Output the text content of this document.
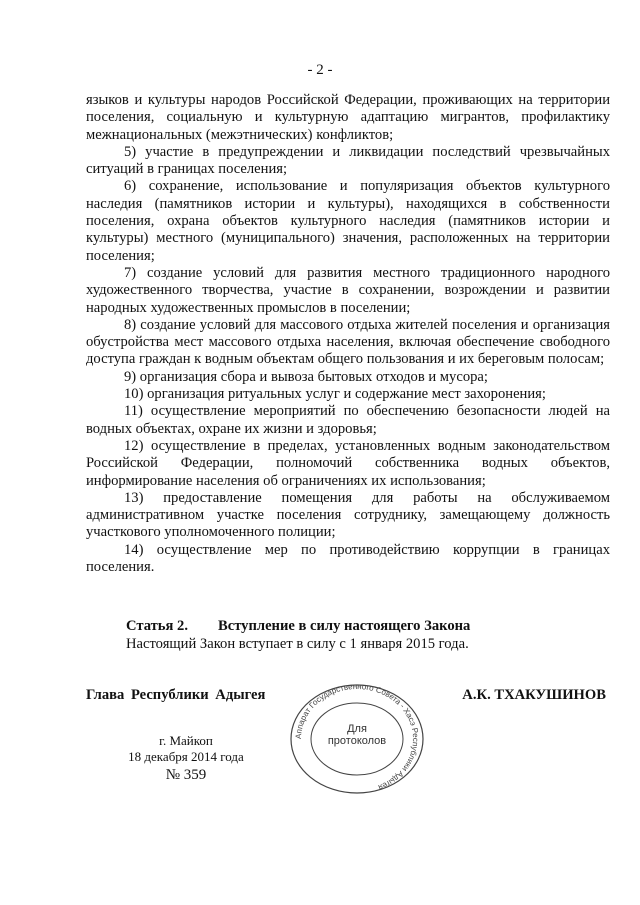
- 2 -

языков и культуры народов Российской Федерации, проживающих на территории поселения, социальную и культурную адаптацию мигрантов, профилактику межнациональных (межэтнических) конфликтов;

5) участие в предупреждении и ликвидации последствий чрезвычайных ситуаций в границах поселения;

6) сохранение, использование и популяризация объектов культурного наследия (памятников истории и культуры), находящихся в собственности поселения, охрана объектов культурного наследия (памятников истории и культуры) местного (муниципального) значения, расположенных на территории поселения;

7) создание условий для развития местного традиционного народного художественного творчества, участие в сохранении, возрождении и развитии народных художественных промыслов в поселении;

8) создание условий для массового отдыха жителей поселения и организация обустройства мест массового отдыха населения, включая обеспечение свободного доступа граждан к водным объектам общего пользования и их береговым полосам;

9) организация сбора и вывоза бытовых отходов и мусора;

10) организация ритуальных услуг и содержание мест захоронения;

11) осуществление мероприятий по обеспечению безопасности людей на водных объектах, охране их жизни и здоровья;

12) осуществление в пределах, установленных водным законодательством Российской Федерации, полномочий собственника водных объектов, информирование населения об ограничениях их использования;

13) предоставление помещения для работы на обслуживаемом административном участке поселения сотруднику, замещающему должность участкового уполномоченного полиции;

14) осуществление мер по противодействию коррупции в границах поселения.

Статья 2. Вступление в силу настоящего Закона
Настоящий Закон вступает в силу с 1 января 2015 года.
Глава Республики Адыгея	А.К. ТХАКУШИНОВ
г. Майкоп
18 декабря 2014 года
№ 359
Аппарат Государственного Совета - Хасэ Республики Адыгея
Для
протоколов
